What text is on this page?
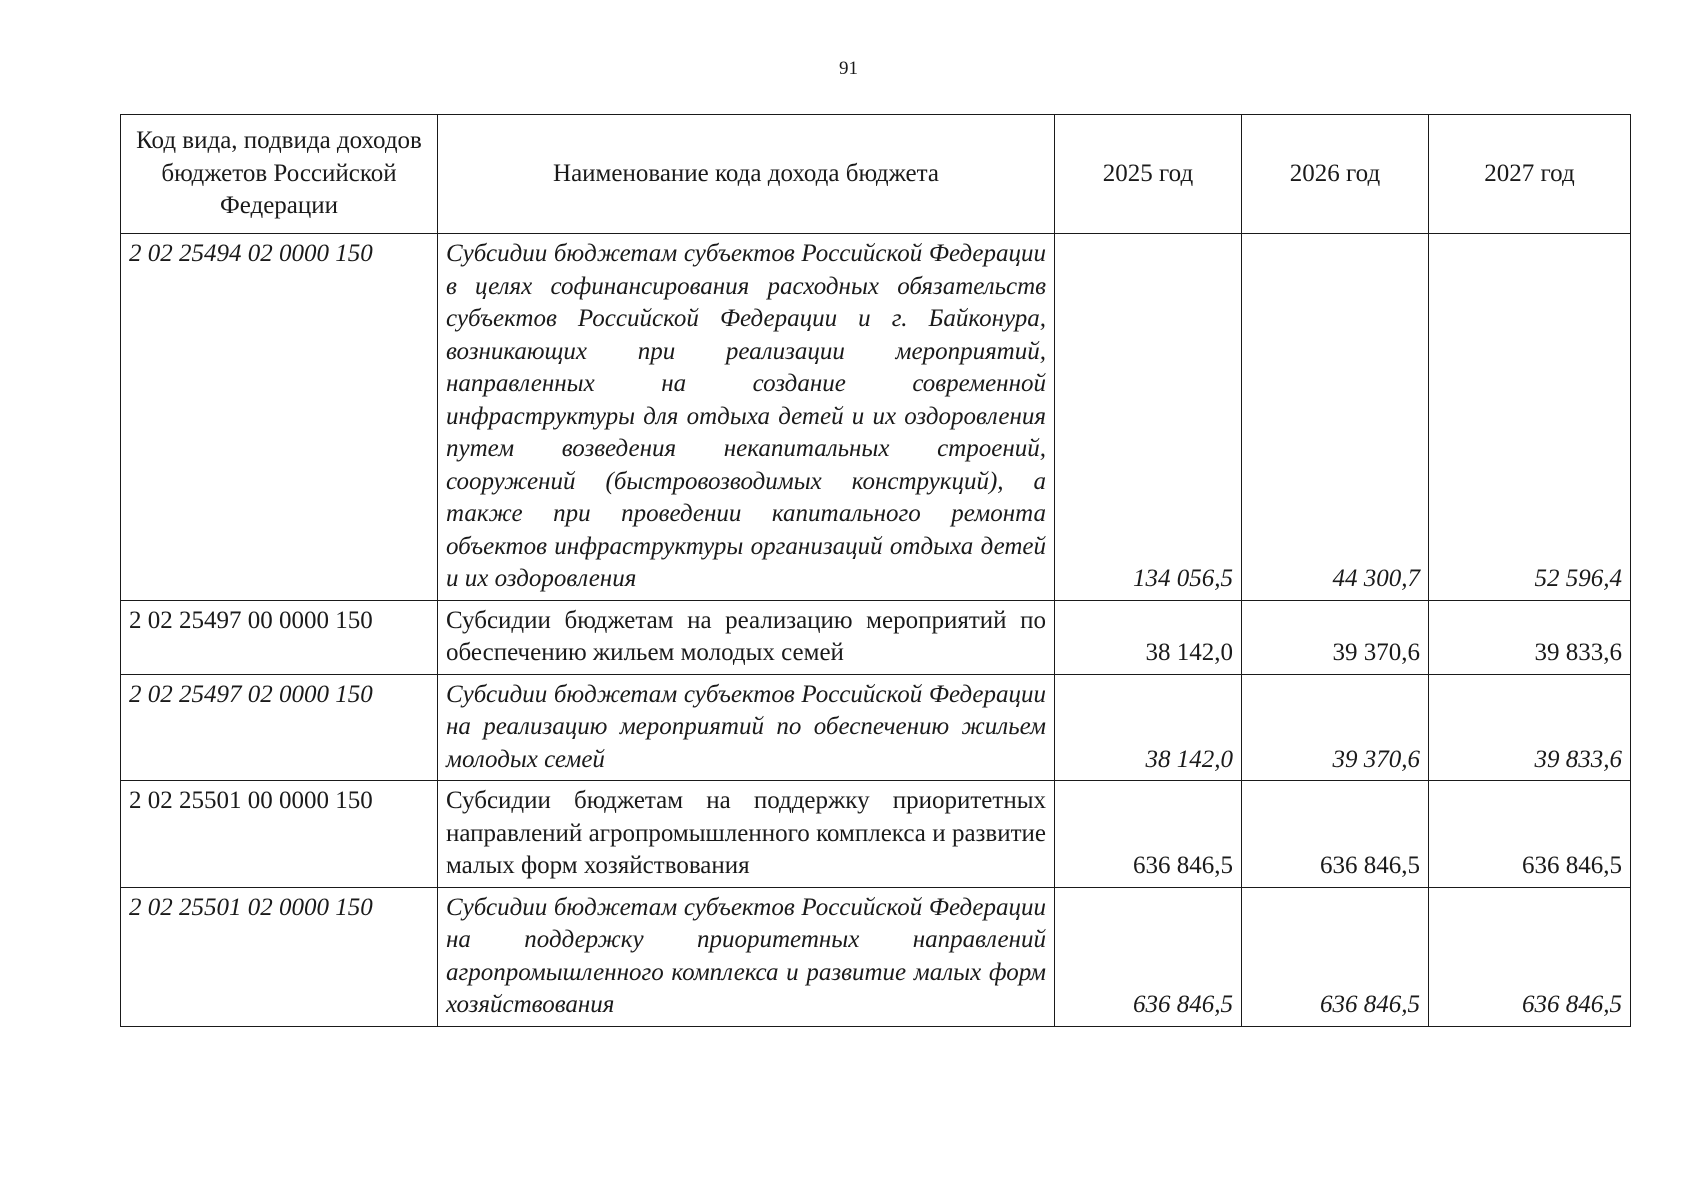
91
Код вида, подвида доходов бюджетов Российской Федерации	Наименование кода дохода бюджета	2025 год	2026 год	2027 год
2 02 25494 02 0000 150	Субсидии бюджетам субъектов Российской Федерации в целях софинансирования расходных обязательств субъектов Российской Федерации и г. Байконура, возникающих при реализации мероприятий, направленных на создание современной инфраструктуры для отдыха детей и их оздоровления путем возведения некапитальных строений, сооружений (быстровозводимых конструкций), а также при проведении капитального ремонта объектов инфраструктуры организаций отдыха детей и их оздоровления	134 056,5	44 300,7	52 596,4
2 02 25497 00 0000 150	Субсидии бюджетам на реализацию мероприятий по обеспечению жильем молодых семей	38 142,0	39 370,6	39 833,6
2 02 25497 02 0000 150	Субсидии бюджетам субъектов Российской Федерации на реализацию мероприятий по обеспечению жильем молодых семей	38 142,0	39 370,6	39 833,6
2 02 25501 00 0000 150	Субсидии бюджетам на поддержку приоритетных направлений агропромышленного комплекса и развитие малых форм хозяйствования	636 846,5	636 846,5	636 846,5
2 02 25501 02 0000 150	Субсидии бюджетам субъектов Российской Федерации на поддержку приоритетных направлений агропромышленного комплекса и развитие малых форм хозяйствования	636 846,5	636 846,5	636 846,5
